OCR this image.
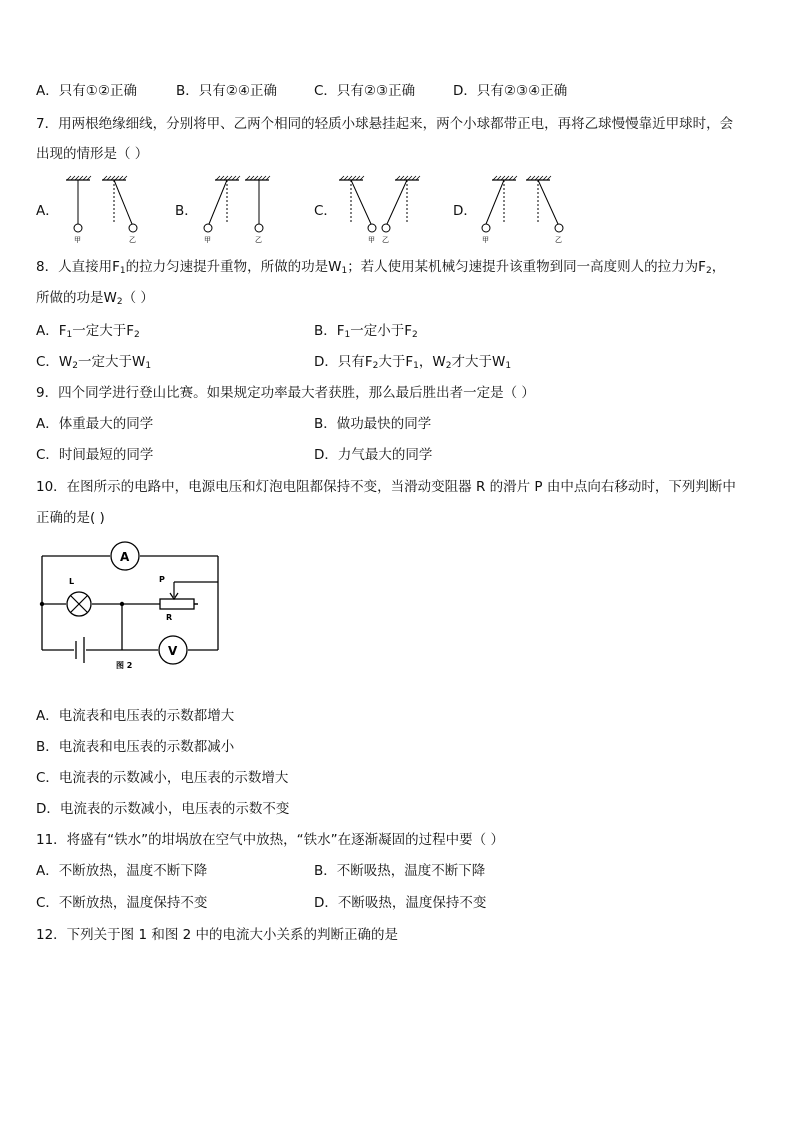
A．只有①②正确	B．只有②④正确	C．只有②③正确	D．只有②③④正确
7．用两根绝缘细线，分别将甲、乙两个相同的轻质小球悬挂起来，两个小球都带正电，再将乙球慢慢靠近甲球时，会
出现的情形是（ ）
A．	B．	C．	D．
甲	乙	甲	乙	甲 乙	甲	乙
8．人直接用$F_1$的拉力匀速提升重物，所做的功是$W_1$；若人使用某机械匀速提升该重物到同一高度则人的拉力为$F_2$，
所做的功是$W_2$（ ）
A．$F_1$一定大于$F_2$	B．$F_1$一定小于$F_2$
C．$W_2$一定大于$W_1$	D．只有$F_2$大于$F_1$，$W_2$才大于$W_1$
9．四个同学进行登山比赛。如果规定功率最大者获胜，那么最后胜出者一定是（ ）
A．体重最大的同学	B．做功最快的同学
C．时间最短的同学	D．力气最大的同学
10．在图所示的电路中，电源电压和灯泡电阻都保持不变，当滑动变阻器 R 的滑片 P 由中点向右移动时，下列判断中
正确的是( )
A
L
R
P
V
图 2
A．电流表和电压表的示数都增大
B．电流表和电压表的示数都减小
C．电流表的示数减小，电压表的示数增大
D．电流表的示数减小，电压表的示数不变
11．将盛有“铁水”的坩埚放在空气中放热，“铁水”在逐渐凝固的过程中要（ ）
A．不断放热，温度不断下降	B．不断吸热，温度不断下降
C．不断放热，温度保持不变	D．不断吸热，温度保持不变
12．下列关于图 1 和图 2 中的电流大小关系的判断正确的是
